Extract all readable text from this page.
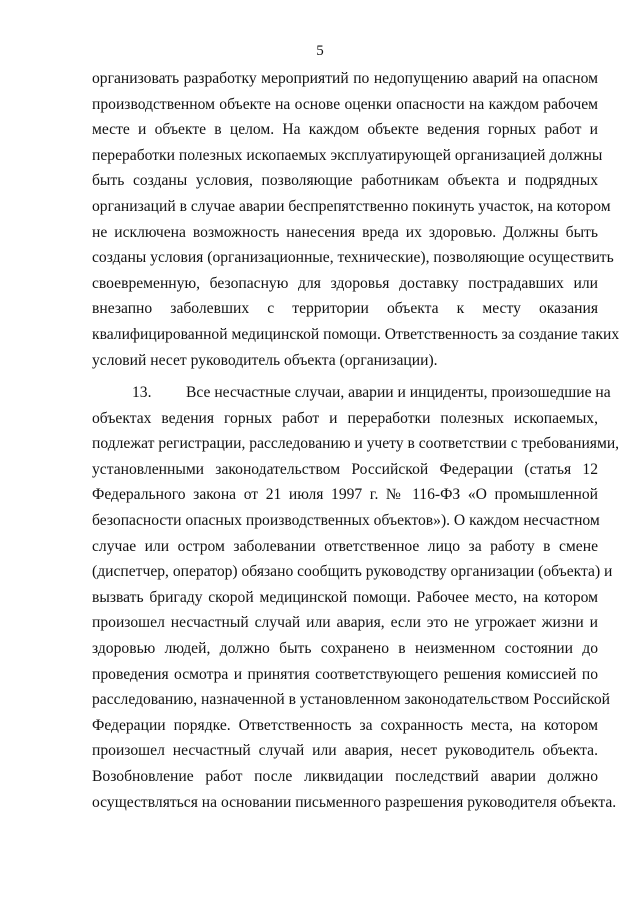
5
организовать разработку мероприятий по недопущению аварий на опасном
производственном объекте на основе оценки опасности на каждом рабочем
месте и объекте в целом. На каждом объекте ведения горных работ и
переработки полезных ископаемых эксплуатирующей организацией должны
быть созданы условия, позволяющие работникам объекта и подрядных
организаций в случае аварии беспрепятственно покинуть участок, на котором
не исключена возможность нанесения вреда их здоровью. Должны быть
созданы условия (организационные, технические), позволяющие осуществить
своевременную, безопасную для здоровья доставку пострадавших или
внезапно заболевших с территории объекта к месту оказания
квалифицированной медицинской помощи. Ответственность за создание таких
условий несет руководитель объекта (организации).
13. Все несчастные случаи, аварии и инциденты, произошедшие на
объектах ведения горных работ и переработки полезных ископаемых,
подлежат регистрации, расследованию и учету в соответствии с требованиями,
установленными законодательством Российской Федерации (статья 12
Федерального закона от 21 июля 1997 г. № 116-ФЗ «О промышленной
безопасности опасных производственных объектов»). О каждом несчастном
случае или остром заболевании ответственное лицо за работу в смене
(диспетчер, оператор) обязано сообщить руководству организации (объекта) и
вызвать бригаду скорой медицинской помощи. Рабочее место, на котором
произошел несчастный случай или авария, если это не угрожает жизни и
здоровью людей, должно быть сохранено в неизменном состоянии до
проведения осмотра и принятия соответствующего решения комиссией по
расследованию, назначенной в установленном законодательством Российской
Федерации порядке. Ответственность за сохранность места, на котором
произошел несчастный случай или авария, несет руководитель объекта.
Возобновление работ после ликвидации последствий аварии должно
осуществляться на основании письменного разрешения руководителя объекта.
